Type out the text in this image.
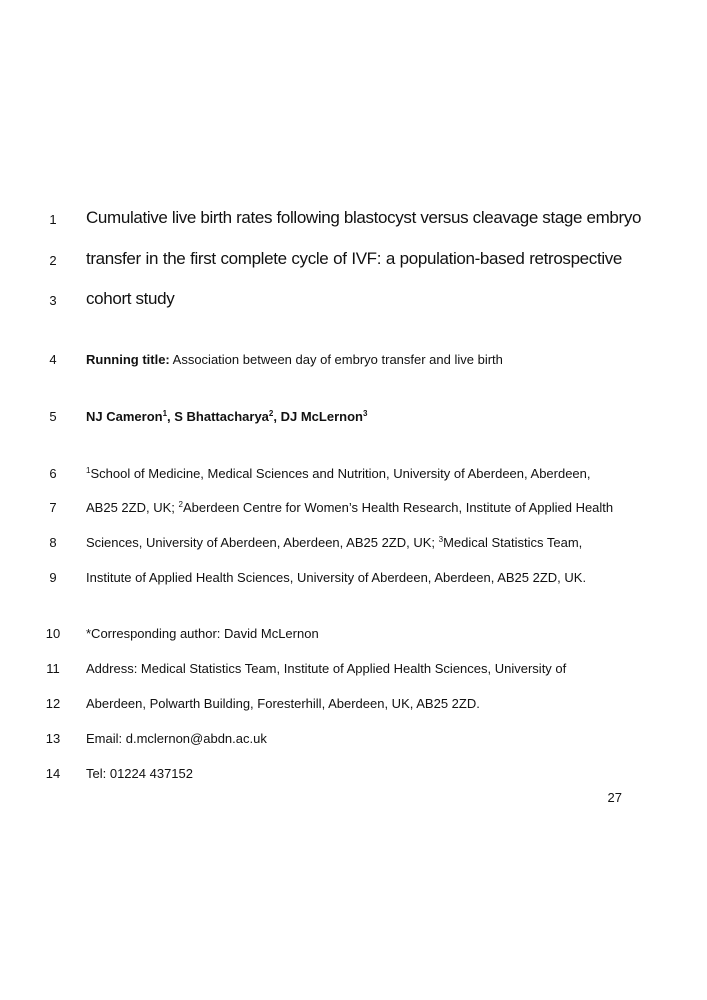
1	Cumulative live birth rates following blastocyst versus cleavage stage embryo
2	transfer in the first complete cycle of IVF: a population-based retrospective
3	cohort study
4	Running title: Association between day of embryo transfer and live birth
5	NJ Cameron$^1$, S Bhattacharya$^2$, DJ McLernon$^3$
6	$^1$School of Medicine, Medical Sciences and Nutrition, University of Aberdeen, Aberdeen,
7	AB25 2ZD, UK; $^2$Aberdeen Centre for Women’s Health Research, Institute of Applied Health
8	Sciences, University of Aberdeen, Aberdeen, AB25 2ZD, UK; $^3$Medical Statistics Team,
9	Institute of Applied Health Sciences, University of Aberdeen, Aberdeen, AB25 2ZD, UK.
10	*Corresponding author: David McLernon
11	Address: Medical Statistics Team, Institute of Applied Health Sciences, University of
12	Aberdeen, Polwarth Building, Foresterhill, Aberdeen, UK, AB25 2ZD.
13	Email: d.mclernon@abdn.ac.uk
14	Tel: 01224 437152
27
